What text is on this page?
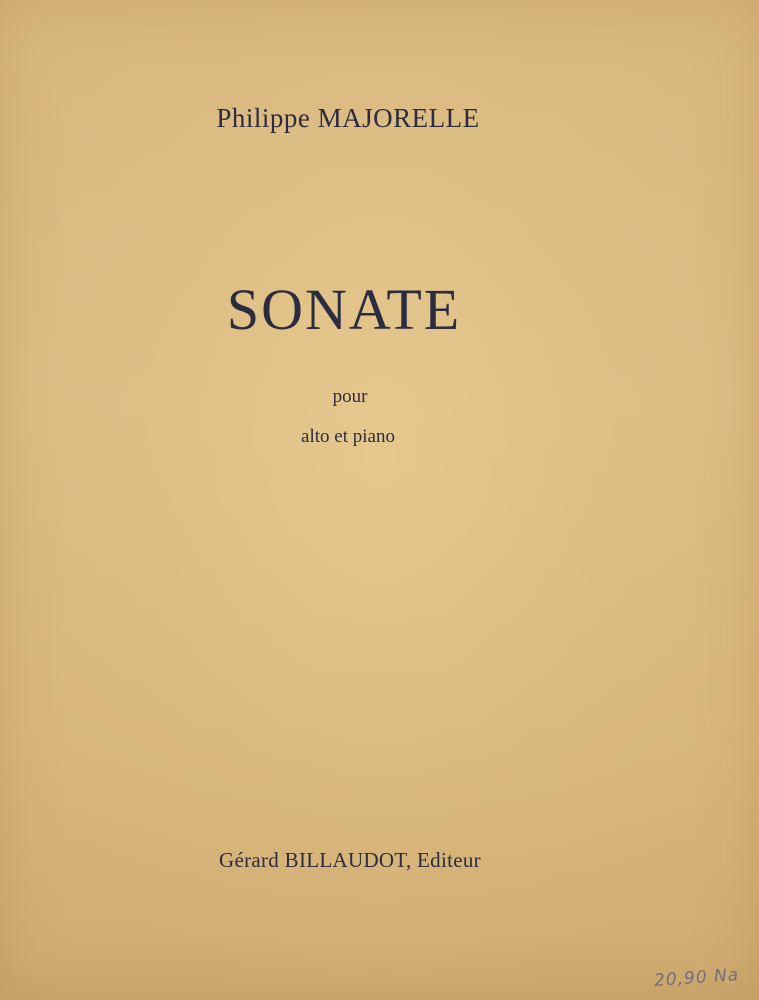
Philippe MAJORELLE
SONATE
pour
alto et piano
Gérard BILLAUDOT, Editeur
20,90 Na
